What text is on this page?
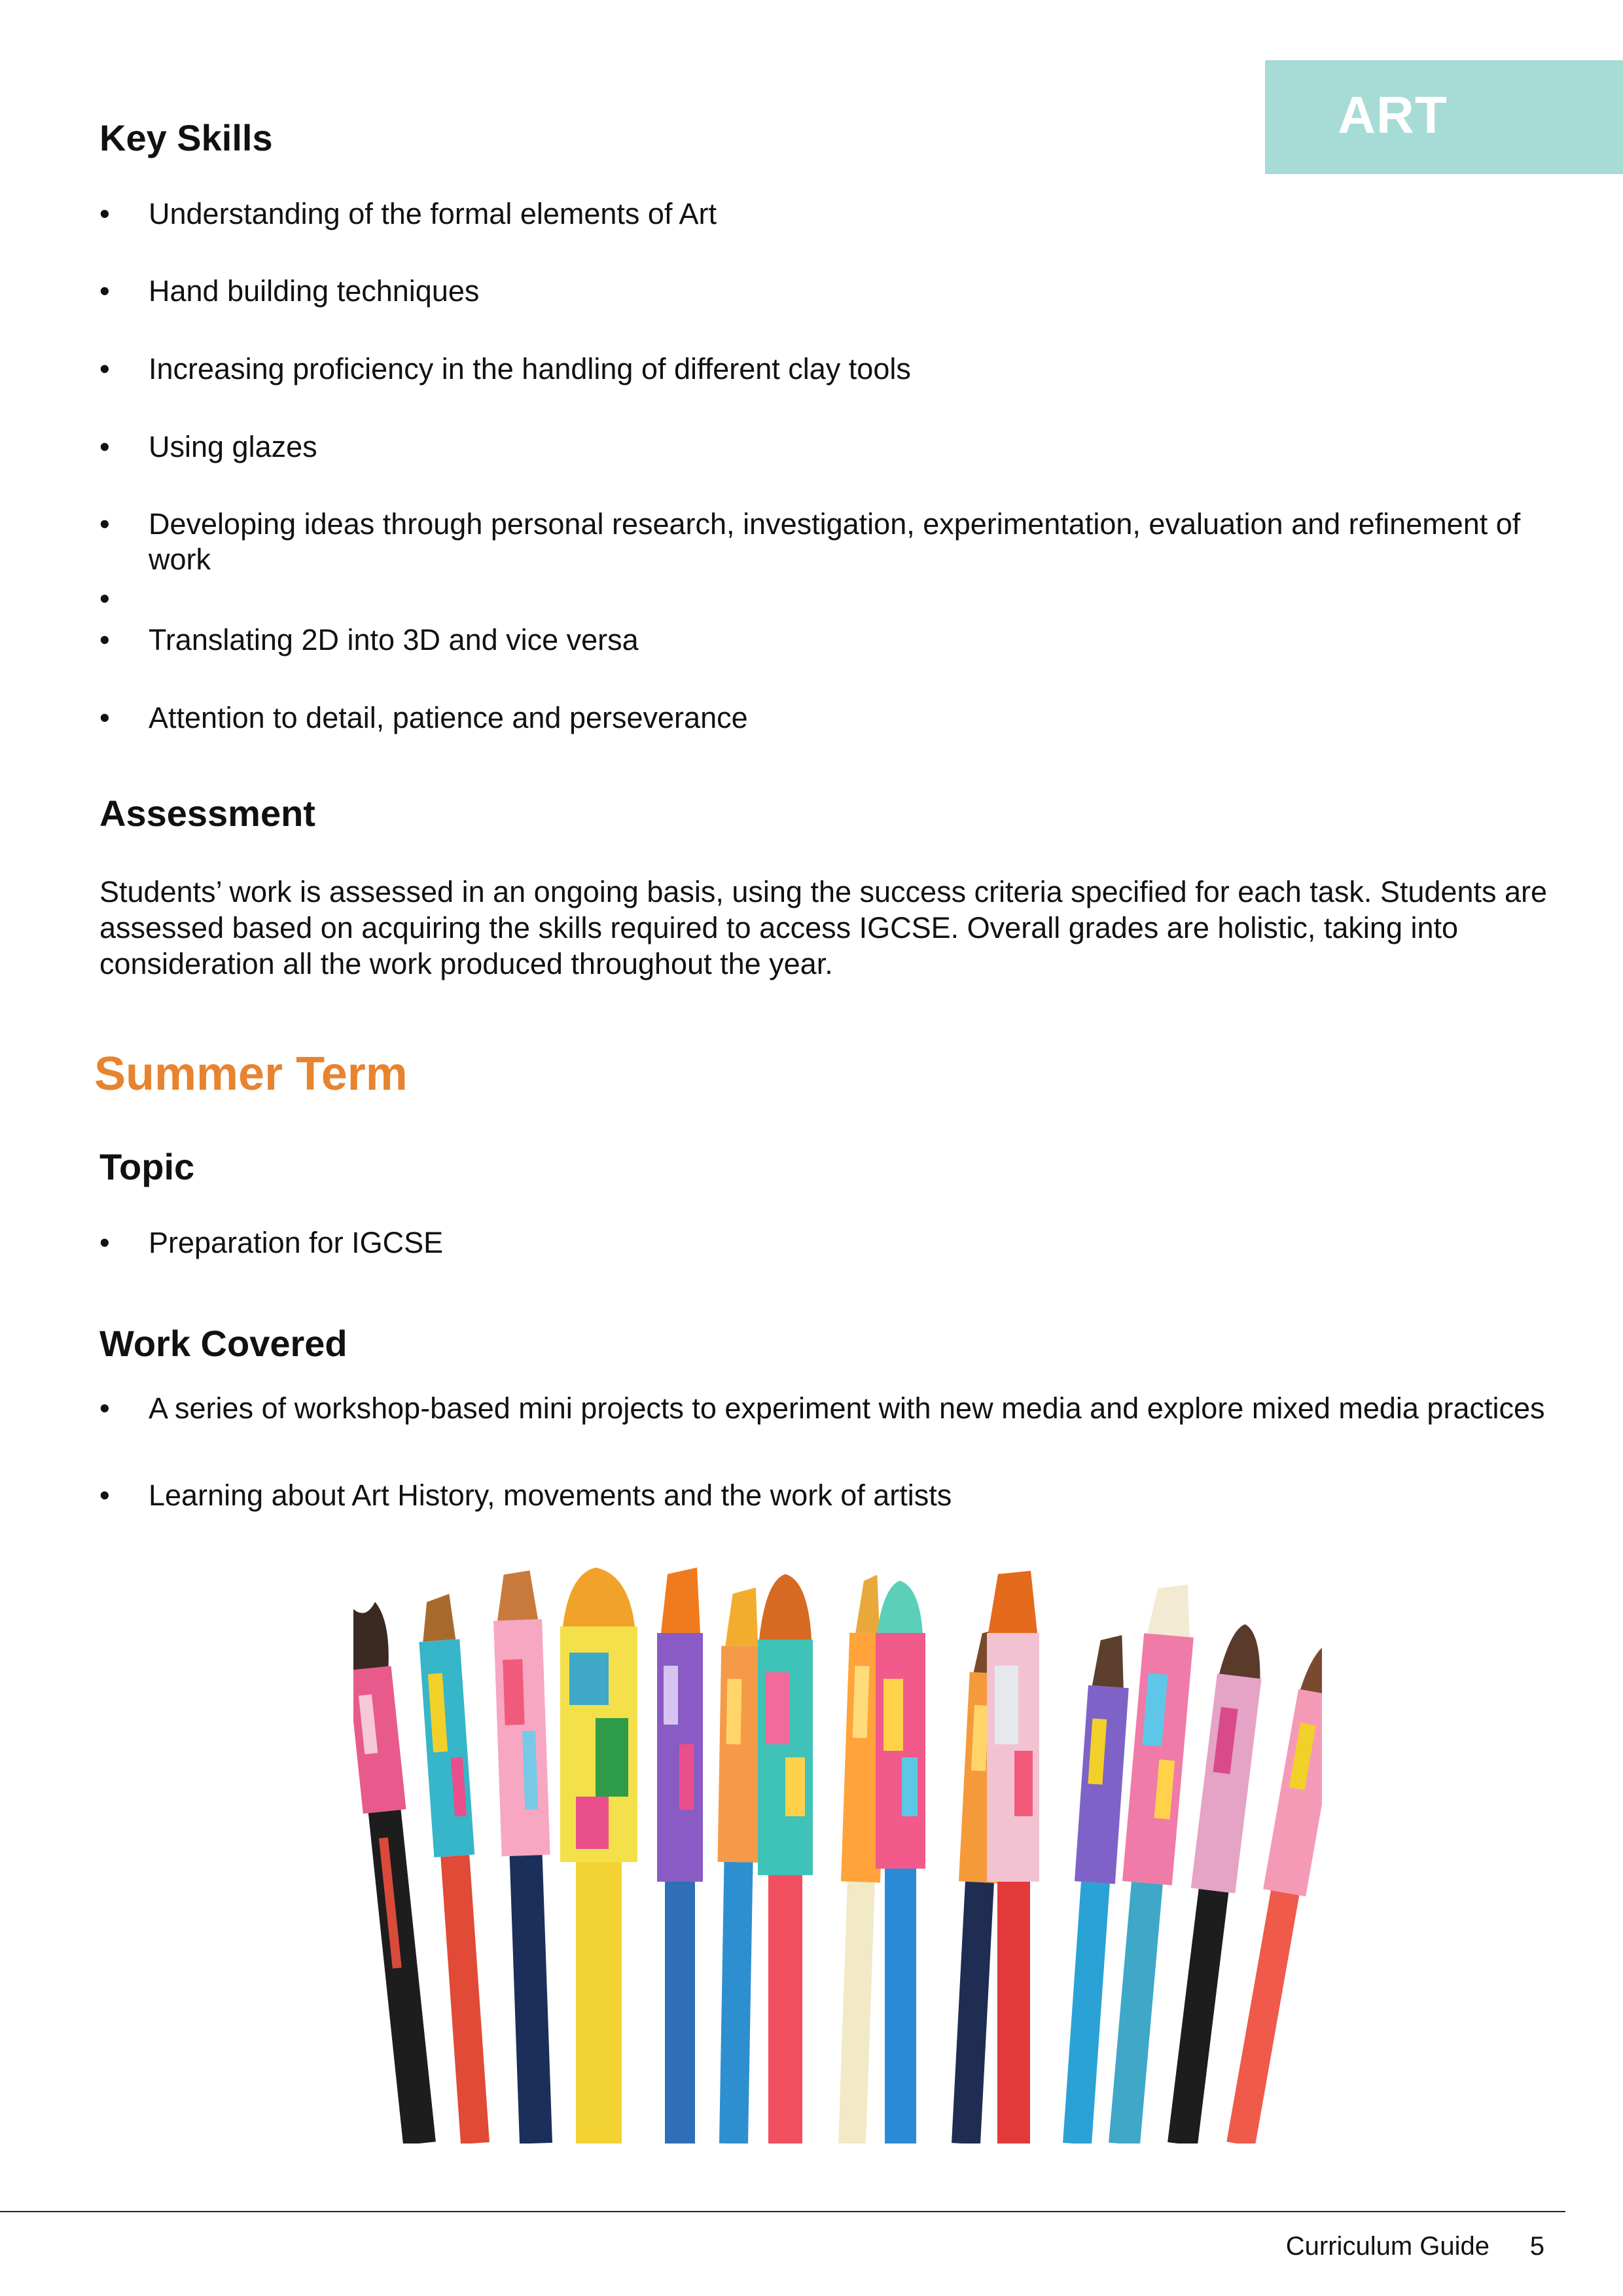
ART
Key Skills
•	Understanding of the formal elements of Art
•	Hand building techniques
•	Increasing proficiency in the handling of different clay tools
•	Using glazes
•	Developing ideas through personal research, investigation, experimentation, evaluation and refinement of work
•
•	Translating 2D into 3D and vice versa
•	Attention to detail, patience and perseverance
Assessment

Students’ work is assessed in an ongoing basis, using the success criteria specified for each task. Students are assessed based on acquiring the skills required to access IGCSE. Overall grades are holistic, taking into consideration all the work produced throughout the year.

Summer Term
Topic
•	Preparation for IGCSE
Work Covered
•	A series of workshop-based mini projects to experiment with new media and explore mixed media practices
•	Learning about Art History, movements and the work of artists
Curriculum Guide 5
